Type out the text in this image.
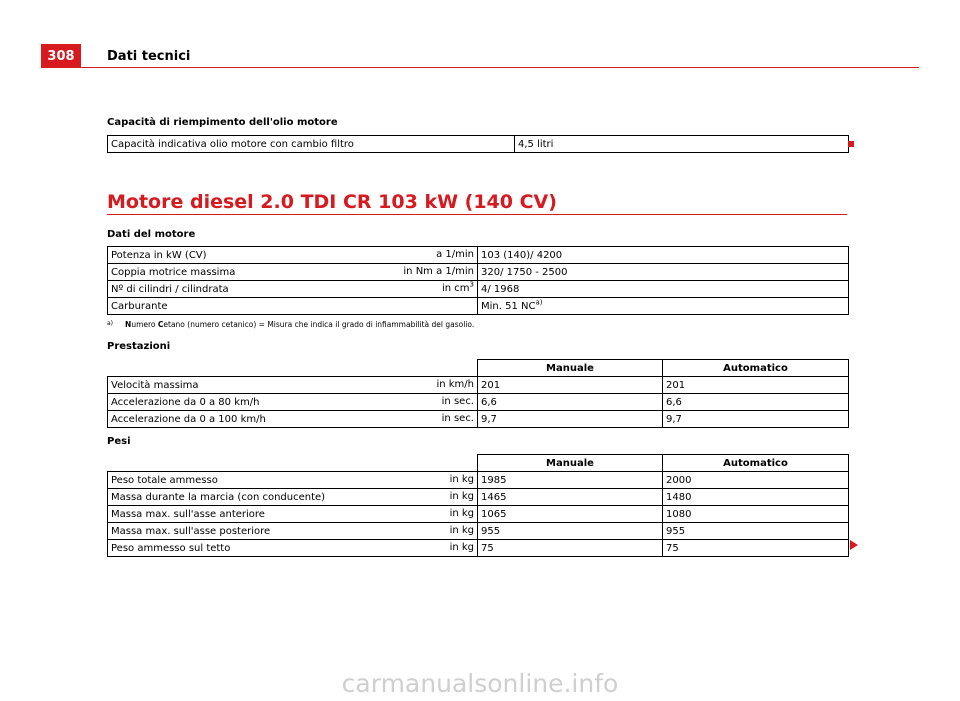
308	Dati tecnici
Capacità di riempimento dell'olio motore
Capacità indicativa olio motore con cambio filtro	4,5 litri
Motore diesel 2.0 TDI CR 103 kW (140 CV)
Dati del motore
Potenza in kW (CV) a 1/min	103 (140)/ 4200
Coppia motrice massima in Nm a 1/min	320/ 1750 - 2500
Nº di cilindri / cilindrata in $cm^3$	4/ 1968
Carburante	Min. 51 NC$^{a)}$
$^{a)}$ Numero Cetano (numero cetanico) = Misura che indica il grado di infiammabilità del gasolio.
Prestazioni
	Manuale	Automatico
Velocità massima in km/h	201	201
Accelerazione da 0 a 80 km/h in sec.	6,6	6,6
Accelerazione da 0 a 100 km/h in sec.	9,7	9,7
Pesi
	Manuale	Automatico
Peso totale ammesso in kg	1985	2000
Massa durante la marcia (con conducente) in kg	1465	1480
Massa max. sull'asse anteriore in kg	1065	1080
Massa max. sull'asse posteriore in kg	955	955
Peso ammesso sul tetto in kg	75	75
carmanualsonline.info
